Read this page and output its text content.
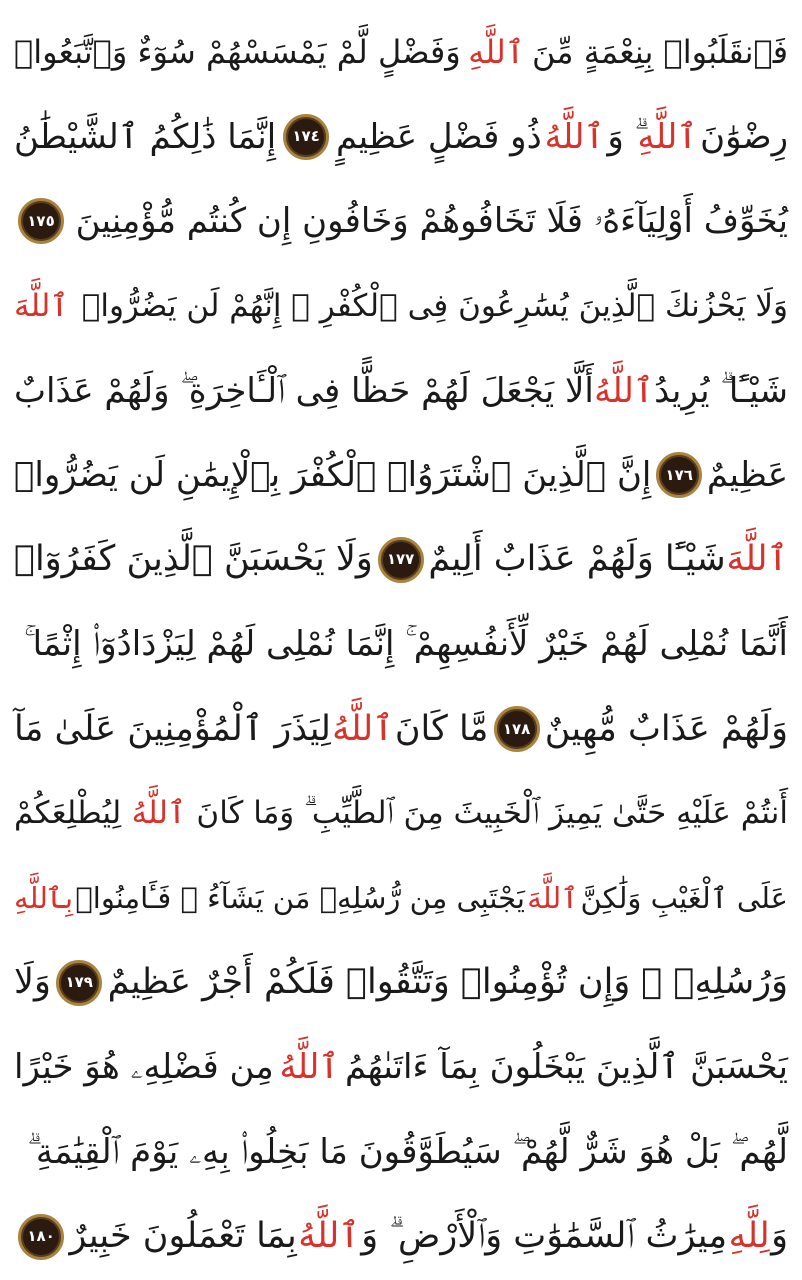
فَٱنقَلَبُوا۟ بِنِعْمَةٍ مِّنَ
ٱللَّهِ
وَفَضْلٍ لَّمْ يَمْسَسْهُمْ سُوٓءٌ وَٱتَّبَعُوا۟
رِضْوَٰنَ
ٱللَّهِ
ۗ وَ
ٱللَّهُ
ذُو فَضْلٍ عَظِيمٍ
١٧٤
إِنَّمَا ذَٰلِكُمُ ٱلشَّيْطَٰنُ
يُخَوِّفُ أَوْلِيَآءَهُۥ فَلَا تَخَافُوهُمْ وَخَافُونِ إِن كُنتُم مُّؤْمِنِينَ
١٧٥
وَلَا يَحْزُنكَ ٱلَّذِينَ يُسَٰرِعُونَ فِى ٱلْكُفْرِ ۚ إِنَّهُمْ لَن يَضُرُّوا۟
ٱللَّهَ
شَيْـًٔا ۗ يُرِيدُ
ٱللَّهُ
أَلَّا يَجْعَلَ لَهُمْ حَظًّا فِى ٱلْـَٔاخِرَةِ ۖ وَلَهُمْ عَذَابٌ
عَظِيمٌ
١٧٦
إِنَّ ٱلَّذِينَ ٱشْتَرَوُا۟ ٱلْكُفْرَ بِٱلْإِيمَٰنِ لَن يَضُرُّوا۟
ٱللَّهَ
شَيْـًٔا وَلَهُمْ عَذَابٌ أَلِيمٌ
١٧٧
وَلَا يَحْسَبَنَّ ٱلَّذِينَ كَفَرُوٓا۟
أَنَّمَا نُمْلِى لَهُمْ خَيْرٌ لِّأَنفُسِهِمْ ۚ إِنَّمَا نُمْلِى لَهُمْ لِيَزْدَادُوٓا۟ إِثْمًا ۚ
وَلَهُمْ عَذَابٌ مُّهِينٌ
١٧٨
مَّا كَانَ
ٱللَّهُ
لِيَذَرَ ٱلْمُؤْمِنِينَ عَلَىٰ مَآ
أَنتُمْ عَلَيْهِ حَتَّىٰ يَمِيزَ ٱلْخَبِيثَ مِنَ ٱلطَّيِّبِ ۗ وَمَا كَانَ
ٱللَّهُ
لِيُطْلِعَكُمْ
عَلَى ٱلْغَيْبِ وَلَٰكِنَّ
ٱللَّهَ
يَجْتَبِى مِن رُّسُلِهِۦ مَن يَشَآءُ ۖ فَـَٔامِنُوا۟
بِٱللَّهِ
وَرُسُلِهِۦ ۚ وَإِن تُؤْمِنُوا۟ وَتَتَّقُوا۟ فَلَكُمْ أَجْرٌ عَظِيمٌ
١٧٩
وَلَا
يَحْسَبَنَّ ٱلَّذِينَ يَبْخَلُونَ بِمَآ ءَاتَىٰهُمُ
ٱللَّهُ
مِن فَضْلِهِۦ هُوَ خَيْرًا
لَّهُم ۖ بَلْ هُوَ شَرٌّ لَّهُمْ ۖ سَيُطَوَّقُونَ مَا بَخِلُوا۟ بِهِۦ يَوْمَ ٱلْقِيَٰمَةِ ۗ
وَ
لِلَّهِ
مِيرَٰثُ ٱلسَّمَٰوَٰتِ وَٱلْأَرْضِ ۗ وَ
ٱللَّهُ
بِمَا تَعْمَلُونَ خَبِيرٌ
١٨٠
